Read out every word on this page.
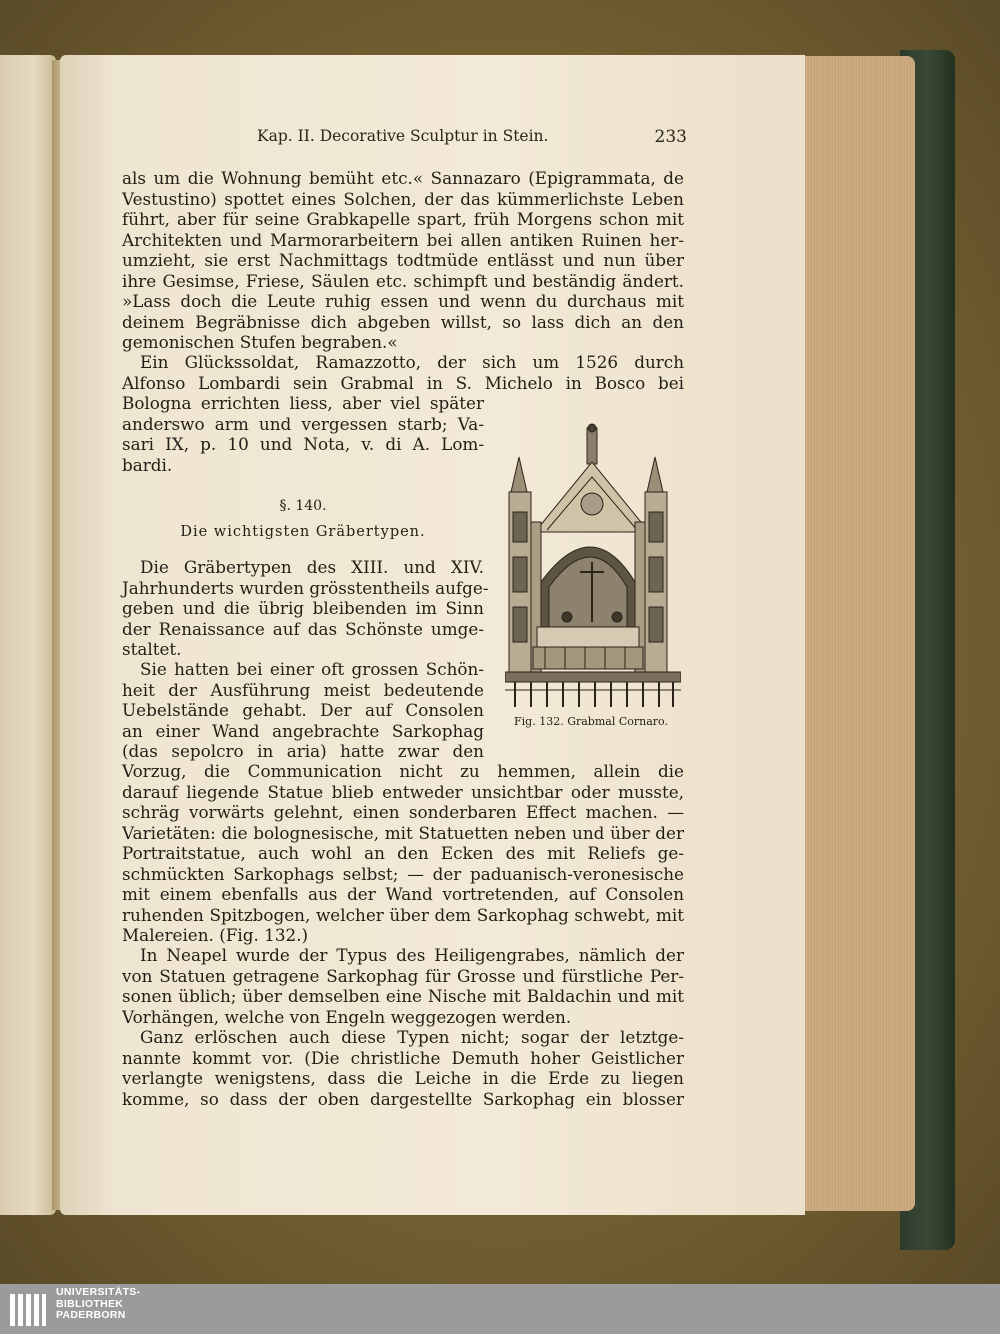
Kap. II. Decorative Sculptur in Stein.	233
als um die Wohnung bemüht etc.« Sannazaro (Epigrammata, de
Vestustino) spottet eines Solchen, der das kümmerlichste Leben
führt, aber für seine Grabkapelle spart, früh Morgens schon mit
Architekten und Marmorarbeitern bei allen antiken Ruinen her-
umzieht, sie erst Nachmittags todtmüde entlässt und nun über
ihre Gesimse, Friese, Säulen etc. schimpft und beständig ändert.
»Lass doch die Leute ruhig essen und wenn du durchaus mit
deinem Begräbnisse dich abgeben willst, so lass dich an den
gemonischen Stufen begraben.«
Ein Glückssoldat, Ramazzotto, der sich um 1526 durch
Alfonso Lombardi sein Grabmal in S. Michelo in Bosco bei
Bologna errichten liess, aber viel später
anderswo arm und vergessen starb; Va-
sari IX, p. 10 und Nota, v. di A. Lom-
bardi.
§. 140.
Die wichtigsten Gräbertypen.
Die Gräbertypen des XIII. und XIV.
Jahrhunderts wurden grösstentheils aufge-
geben und die übrig bleibenden im Sinn
der Renaissance auf das Schönste umge-
staltet.
Sie hatten bei einer oft grossen Schön-
heit der Ausführung meist bedeutende
Uebelstände gehabt. Der auf Consolen
an einer Wand angebrachte Sarkophag
(das sepolcro in aria) hatte zwar den
Vorzug, die Communication nicht zu hemmen, allein die
darauf liegende Statue blieb entweder unsichtbar oder musste,
schräg vorwärts gelehnt, einen sonderbaren Effect machen. —
Varietäten: die bolognesische, mit Statuetten neben und über der
Portraitstatue, auch wohl an den Ecken des mit Reliefs ge-
schmückten Sarkophags selbst; — der paduanisch-veronesische
mit einem ebenfalls aus der Wand vortretenden, auf Consolen
ruhenden Spitzbogen, welcher über dem Sarkophag schwebt, mit
Malereien. (Fig. 132.)
In Neapel wurde der Typus des Heiligengrabes, nämlich der
von Statuen getragene Sarkophag für Grosse und fürstliche Per-
sonen üblich; über demselben eine Nische mit Baldachin und mit
Vorhängen, welche von Engeln weggezogen werden.
Ganz erlöschen auch diese Typen nicht; sogar der letztge-
nannte kommt vor. (Die christliche Demuth hoher Geistlicher
verlangte wenigstens, dass die Leiche in die Erde zu liegen
komme, so dass der oben dargestellte Sarkophag ein blosser
Fig. 132. Grabmal Cornaro.
UNIVERSITÄTS-
BIBLIOTHEK
PADERBORN
